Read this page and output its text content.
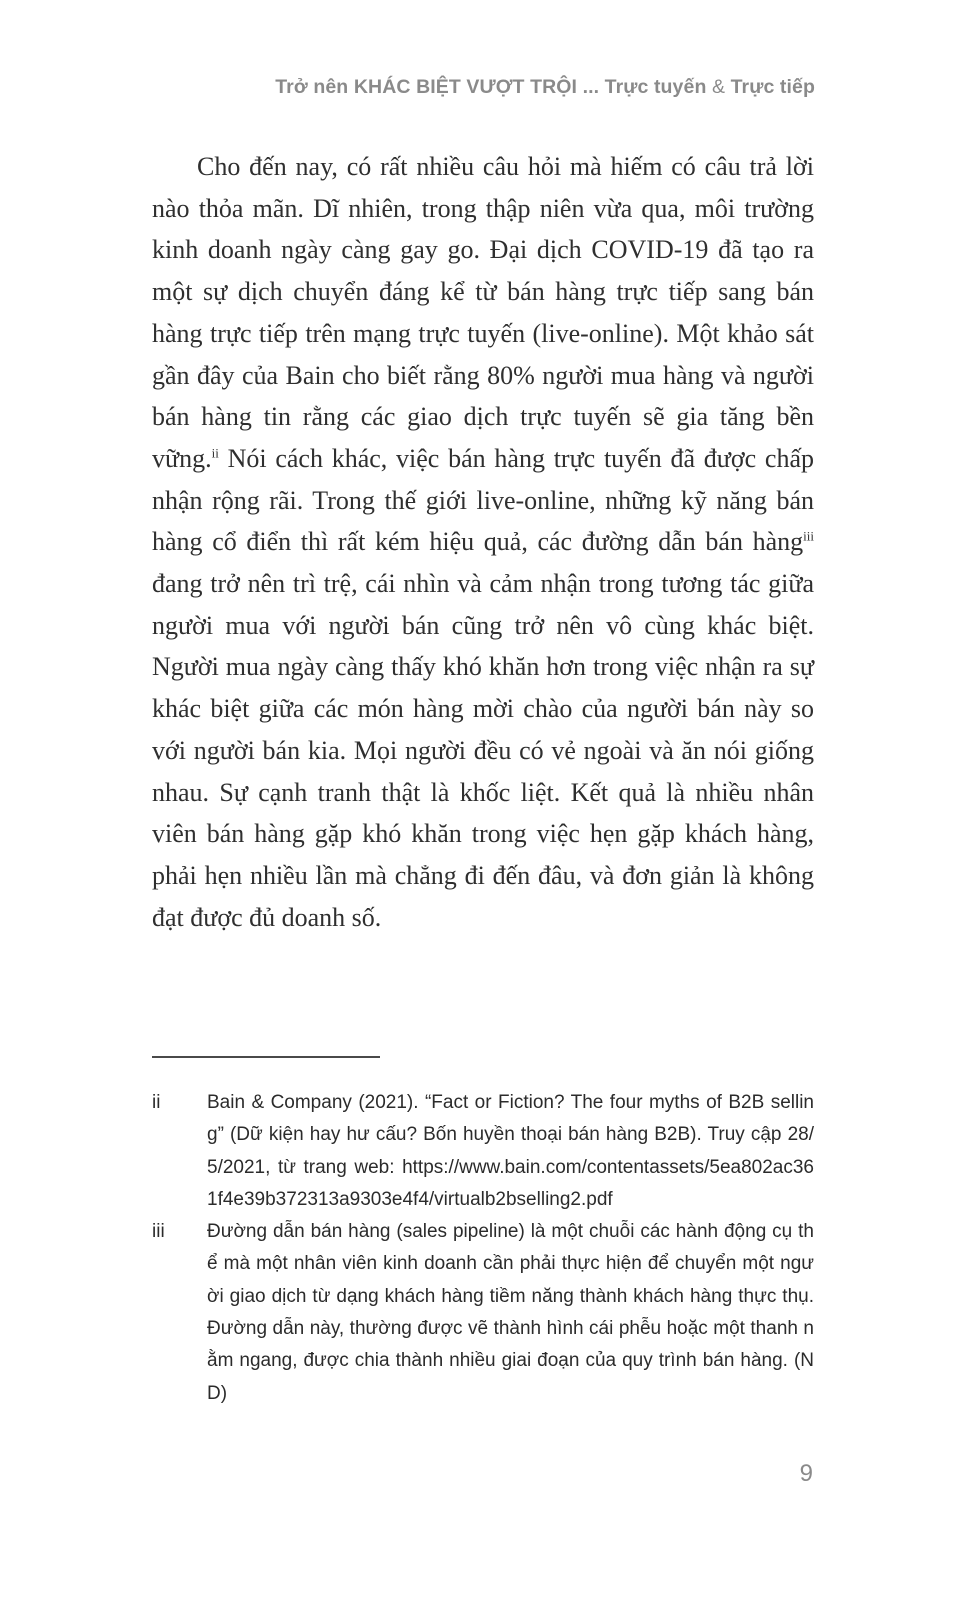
Trở nên KHÁC BIỆT VƯỢT TRỘI ... Trực tuyến & Trực tiếp

Cho đến nay, có rất nhiều câu hỏi mà hiếm có câu trả lời nào thỏa mãn. Dĩ nhiên, trong thập niên vừa qua, môi trường kinh doanh ngày càng gay go. Đại dịch COVID-19 đã tạo ra một sự dịch chuyển đáng kể từ bán hàng trực tiếp sang bán hàng trực tiếp trên mạng trực tuyến (live-online). Một khảo sát gần đây của Bain cho biết rằng 80% người mua hàng và người bán hàng tin rằng các giao dịch trực tuyến sẽ gia tăng bền vững.$^{ii}$ Nói cách khác, việc bán hàng trực tuyến đã được chấp nhận rộng rãi. Trong thế giới live-online, những kỹ năng bán hàng cổ điển thì rất kém hiệu quả, các đường dẫn bán hàng$^{iii}$ đang trở nên trì trệ, cái nhìn và cảm nhận trong tương tác giữa người mua với người bán cũng trở nên vô cùng khác biệt. Người mua ngày càng thấy khó khăn hơn trong việc nhận ra sự khác biệt giữa các món hàng mời chào của người bán này so với người bán kia. Mọi người đều có vẻ ngoài và ăn nói giống nhau. Sự cạnh tranh thật là khốc liệt. Kết quả là nhiều nhân viên bán hàng gặp khó khăn trong việc hẹn gặp khách hàng, phải hẹn nhiều lần mà chẳng đi đến đâu, và đơn giản là không đạt được đủ doanh số.

ii	Bain & Company (2021). “Fact or Fiction? The four myths of B2B selling” (Dữ kiện hay hư cấu? Bốn huyền thoại bán hàng B2B). Truy cập 28/5/2021, từ trang web: https://www.bain.com/contentassets/5ea802ac361f4e39b372313a9303e4f4/virtualb2bselling2.pdf
iii	Đường dẫn bán hàng (sales pipeline) là một chuỗi các hành động cụ thể mà một nhân viên kinh doanh cần phải thực hiện để chuyển một người giao dịch từ dạng khách hàng tiềm năng thành khách hàng thực thụ. Đường dẫn này, thường được vẽ thành hình cái phễu hoặc một thanh nằm ngang, được chia thành nhiều giai đoạn của quy trình bán hàng. (ND)
9
